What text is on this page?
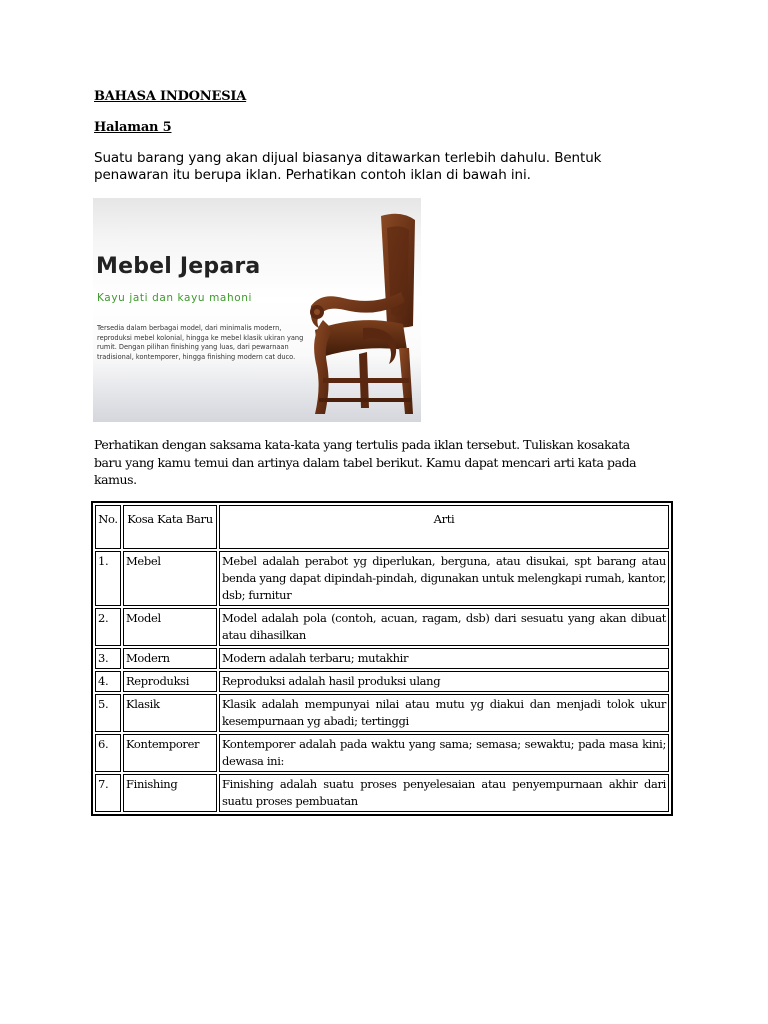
BAHASA INDONESIA
Halaman 5
Suatu barang yang akan dijual biasanya ditawarkan terlebih dahulu. Bentuk penawaran itu berupa iklan. Perhatikan contoh iklan di bawah ini.
Mebel Jepara
Kayu jati dan kayu mahoni
Tersedia dalam berbagai model, dari minimalis modern, reproduksi mebel kolonial, hingga ke mebel klasik ukiran yang rumit. Dengan pilihan finishing yang luas, dari pewarnaan tradisional, kontemporer, hingga finishing modern cat duco.
Perhatikan dengan saksama kata-kata yang tertulis pada iklan tersebut. Tuliskan kosakata baru yang kamu temui dan artinya dalam tabel berikut. Kamu dapat mencari arti kata pada kamus.
No.	Kosa Kata Baru	Arti
1.	Mebel	Mebel adalah perabot yg diperlukan, berguna, atau disukai, spt barang atau benda yang dapat dipindah-pindah, digunakan untuk melengkapi rumah, kantor, dsb; furnitur
2.	Model	Model adalah pola (contoh, acuan, ragam, dsb) dari sesuatu yang akan dibuat atau dihasilkan
3.	Modern	Modern adalah terbaru; mutakhir
4.	Reproduksi	Reproduksi adalah hasil produksi ulang
5.	Klasik	Klasik adalah mempunyai nilai atau mutu yg diakui dan menjadi tolok ukur kesempurnaan yg abadi; tertinggi
6.	Kontemporer	Kontemporer adalah pada waktu yang sama; semasa; sewaktu; pada masa kini; dewasa ini:
7.	Finishing	Finishing adalah suatu proses penyelesaian atau penyempurnaan akhir dari suatu proses pembuatan
